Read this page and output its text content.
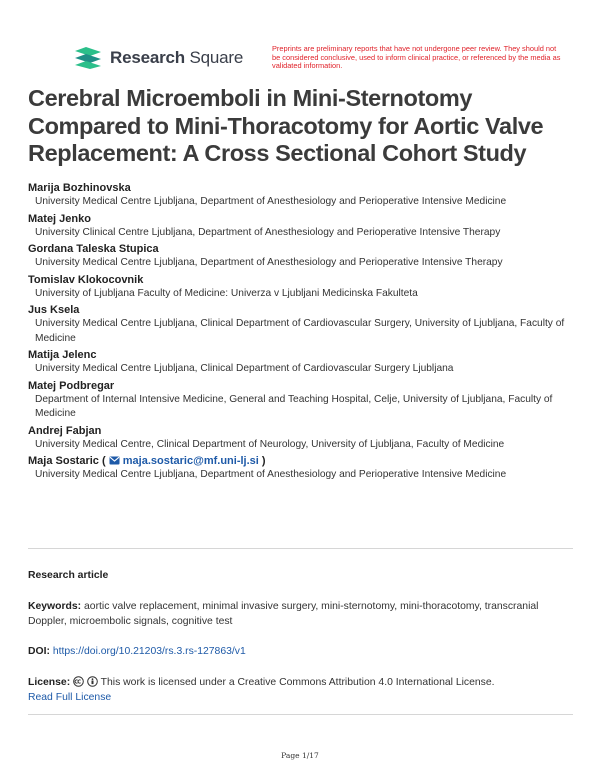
Research Square	Preprints are preliminary reports that have not undergone peer review. They should not be considered conclusive, used to inform clinical practice, or referenced by the media as validated information.
Cerebral Microemboli in Mini-Sternotomy Compared to Mini-Thoracotomy for Aortic Valve Replacement: A Cross Sectional Cohort Study
Marija Bozhinovska
University Medical Centre Ljubljana, Department of Anesthesiology and Perioperative Intensive Medicine
Matej Jenko
University Clinical Centre Ljubljana, Department of Anesthesiology and Perioperative Intensive Therapy
Gordana Taleska Stupica
University Medical Centre Ljubljana, Department of Anesthesiology and Perioperative Intensive Therapy
Tomislav Klokocovnik
University of Ljubljana Faculty of Medicine: Univerza v Ljubljani Medicinska Fakulteta
Jus Ksela
University Medical Centre Ljubljana, Clinical Department of Cardiovascular Surgery, University of Ljubljana, Faculty of Medicine
Matija Jelenc
University Medical Centre Ljubljana, Clinical Department of Cardiovascular Surgery Ljubljana
Matej Podbregar
Department of Internal Intensive Medicine, General and Teaching Hospital, Celje, University of Ljubljana, Faculty of Medicine
Andrej Fabjan
University Medical Centre, Clinical Department of Neurology, University of Ljubljana, Faculty of Medicine
Maja Sostaric ( maja.sostaric@mf.uni-lj.si )
University Medical Centre Ljubljana, Department of Anesthesiology and Perioperative Intensive Medicine
Research article
Keywords: aortic valve replacement, minimal invasive surgery, mini-sternotomy, mini-thoracotomy, transcranial Doppler, microembolic signals, cognitive test
DOI: https://doi.org/10.21203/rs.3.rs-127863/v1
License:	This work is licensed under a Creative Commons Attribution 4.0 International License.
Read Full License
Page 1/17
